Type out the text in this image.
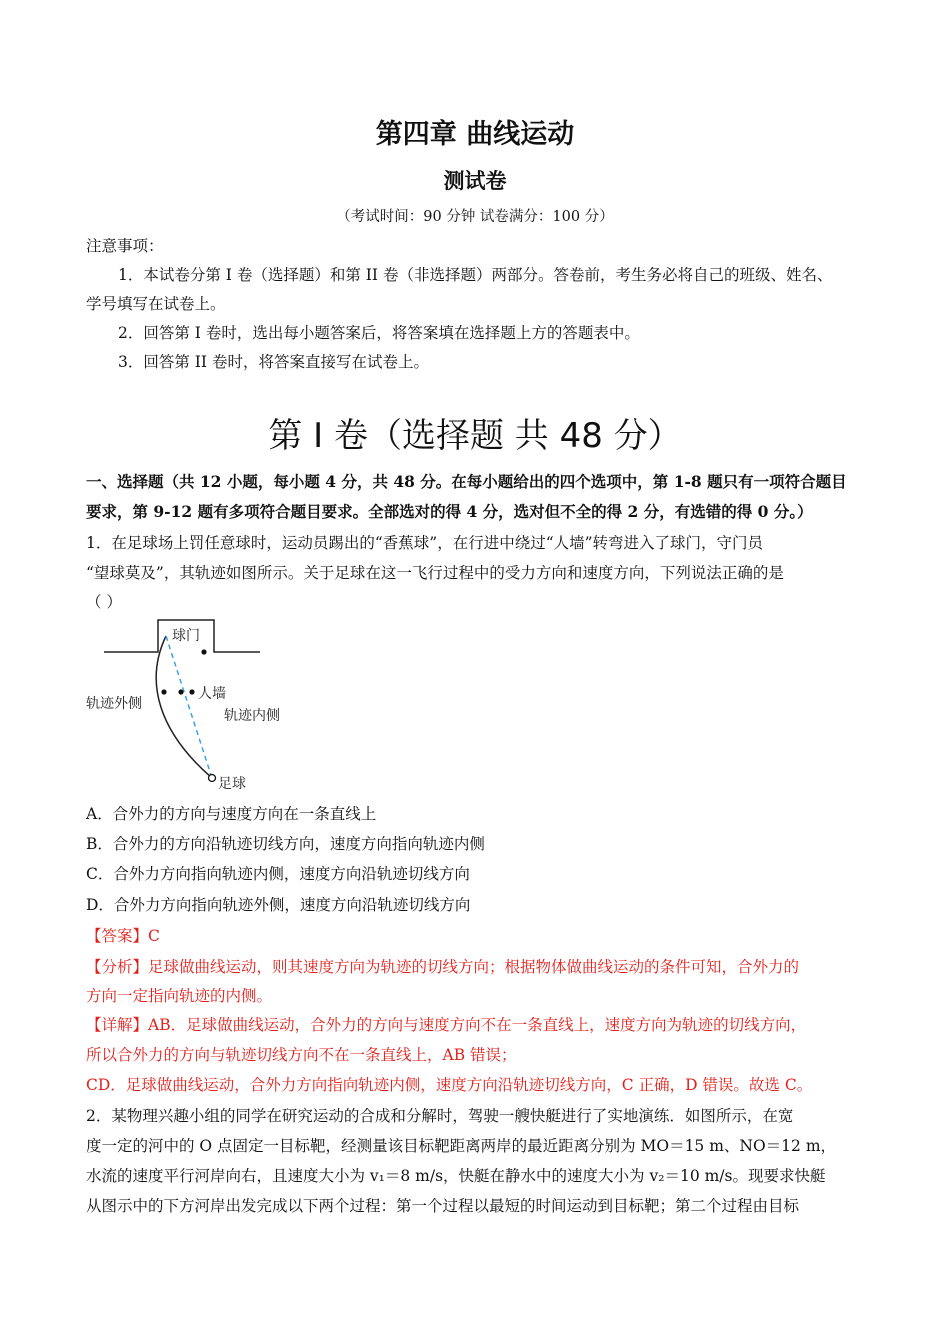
第四章 曲线运动
测试卷
（考试时间：90 分钟 试卷满分：100 分）
注意事项：
1．本试卷分第 I 卷（选择题）和第 II 卷（非选择题）两部分。答卷前，考生务必将自己的班级、姓名、
学号填写在试卷上。
2．回答第 I 卷时，选出每小题答案后，将答案填在选择题上方的答题表中。
3．回答第 II 卷时，将答案直接写在试卷上。
第 I 卷（选择题 共 48 分）
一、选择题（共 12 小题，每小题 4 分，共 48 分。在每小题给出的四个选项中，第 1-8 题只有一项符合题目
要求，第 9-12 题有多项符合题目要求。全部选对的得 4 分，选对但不全的得 2 分，有选错的得 0 分。）
1．在足球场上罚任意球时，运动员踢出的“香蕉球”，在行进中绕过“人墙”转弯进入了球门，守门员
“望球莫及”，其轨迹如图所示。关于足球在这一飞行过程中的受力方向和速度方向，下列说法正确的是
（ ）
球门
人墙
轨迹外侧
轨迹内侧
足球
A．合外力的方向与速度方向在一条直线上
B．合外力的方向沿轨迹切线方向，速度方向指向轨迹内侧
C．合外力方向指向轨迹内侧，速度方向沿轨迹切线方向
D．合外力方向指向轨迹外侧，速度方向沿轨迹切线方向
【答案】C
【分析】足球做曲线运动，则其速度方向为轨迹的切线方向；根据物体做曲线运动的条件可知，合外力的
方向一定指向轨迹的内侧。
【详解】AB．足球做曲线运动，合外力的方向与速度方向不在一条直线上，速度方向为轨迹的切线方向，
所以合外力的方向与轨迹切线方向不在一条直线上，AB 错误；
CD．足球做曲线运动，合外力方向指向轨迹内侧，速度方向沿轨迹切线方向，C 正确，D 错误。故选 C。
2．某物理兴趣小组的同学在研究运动的合成和分解时，驾驶一艘快艇进行了实地演练．如图所示，在宽
度一定的河中的 O 点固定一目标靶，经测量该目标靶距离两岸的最近距离分别为 MO＝15 m、NO＝12 m，
水流的速度平行河岸向右，且速度大小为 v₁＝8 m/s，快艇在静水中的速度大小为 v₂＝10 m/s。现要求快艇
从图示中的下方河岸出发完成以下两个过程：第一个过程以最短的时间运动到目标靶；第二个过程由目标
